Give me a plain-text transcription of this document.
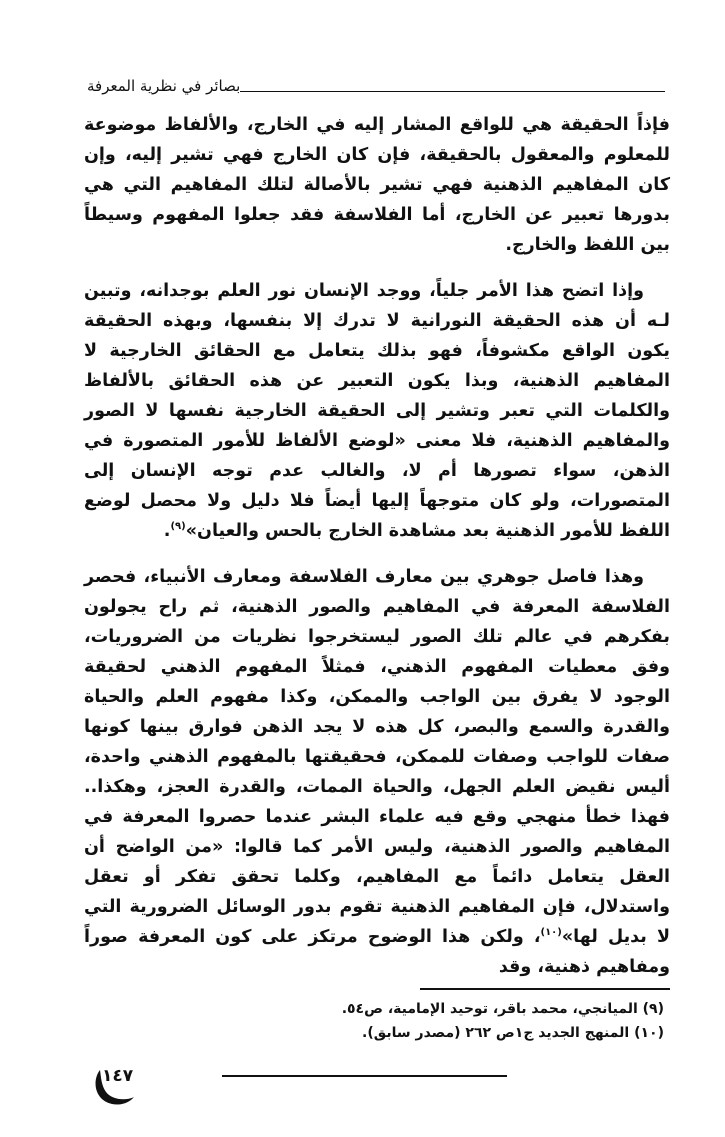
بصائر في نظرية المعرفة

فإذاً الحقيقة هي للواقع المشار إليه في الخارج، والألفاظ موضوعة للمعلوم والمعقول بالحقيقة، فإن كان الخارج فهي تشير إليه، وإن كان المفاهيم الذهنية فهي تشير بالأصالة لتلك المفاهيم التي هي بدورها تعبير عن الخارج، أما الفلاسفة فقد جعلوا المفهوم وسيطاً بين اللفظ والخارج.

وإذا اتضح هذا الأمر جلياً، ووجد الإنسان نور العلم بوجدانه، وتبين لـه أن هذه الحقيقة النورانية لا تدرك إلا بنفسها، وبهذه الحقيقة يكون الواقع مكشوفاً، فهو بذلك يتعامل مع الحقائق الخارجية لا المفاهيم الذهنية، وبذا يكون التعبير عن هذه الحقائق بالألفاظ والكلمات التي تعبر وتشير إلى الحقيقة الخارجية نفسها لا الصور والمفاهيم الذهنية، فلا معنى «لوضع الألفاظ للأمور المتصورة في الذهن، سواء تصورها أم لا، والغالب عدم توجه الإنسان إلى المتصورات، ولو كان متوجهاً إليها أيضاً فلا دليل ولا محصل لوضع اللفظ للأمور الذهنية بعد مشاهدة الخارج بالحس والعيان»$^{(٩)}$.

وهذا فاصل جوهري بين معارف الفلاسفة ومعارف الأنبياء، فحصر الفلاسفة المعرفة في المفاهيم والصور الذهنية، ثم راح يجولون بفكرهم في عالم تلك الصور ليستخرجوا نظريات من الضروريات، وفق معطيات المفهوم الذهني، فمثلاً المفهوم الذهني لحقيقة الوجود لا يفرق بين الواجب والممكن، وكذا مفهوم العلم والحياة والقدرة والسمع والبصر، كل هذه لا يجد الذهن فوارق بينها كونها صفات للواجب وصفات للممكن، فحقيقتها بالمفهوم الذهني واحدة، أليس نقيض العلم الجهل، والحياة الممات، والقدرة العجز، وهكذا.. فهذا خطأ منهجي وقع فيه علماء البشر عندما حصروا المعرفة في المفاهيم والصور الذهنية، وليس الأمر كما قالوا: «من الواضح أن العقل يتعامل دائماً مع المفاهيم، وكلما تحقق تفكر أو تعقل واستدلال، فإن المفاهيم الذهنية تقوم بدور الوسائل الضرورية التي لا بديل لها»$^{(١٠)}$، ولكن هذا الوضوح مرتكز على كون المعرفة صوراً ومفاهيم ذهنية، وقد

(٩) الميانجي، محمد باقر، توحيد الإمامية، ص٥٤.
(١٠) المنهج الجديد ج١ص ٢٦٢ (مصدر سابق).
١٤٧
